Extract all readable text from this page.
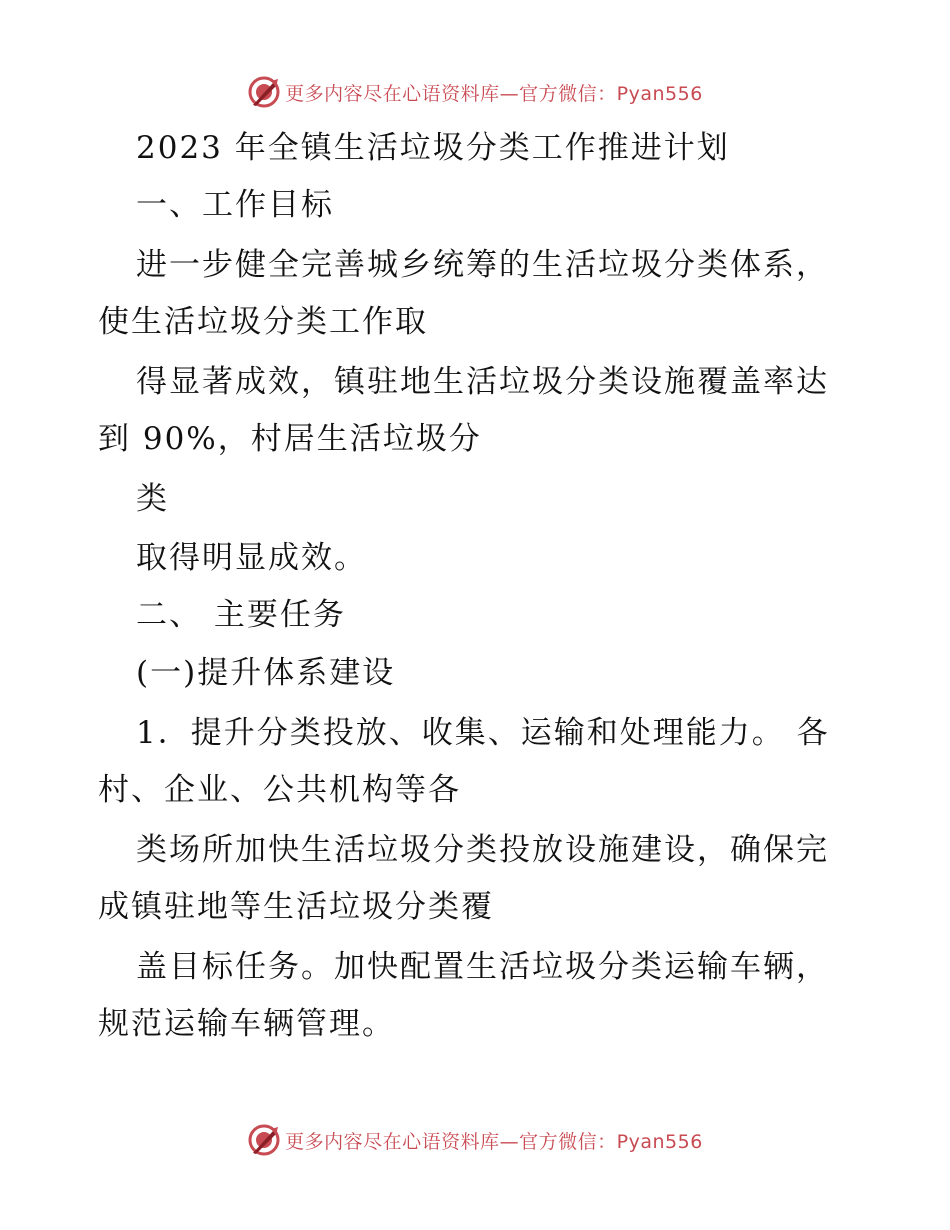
更多内容尽在心语资料库—官方微信：Pyan556
2023 年全镇生活垃圾分类工作推进计划

一、工作目标

进一步健全完善城乡统筹的生活垃圾分类体系，

使生活垃圾分类工作取

得显著成效，镇驻地生活垃圾分类设施覆盖率达

到 90%，村居生活垃圾分

类

取得明显成效。

二、 主要任务

(一)提升体系建设

1．提升分类投放、收集、运输和处理能力。 各

村、企业、公共机构等各

类场所加快生活垃圾分类投放设施建设，确保完

成镇驻地等生活垃圾分类覆

盖目标任务。加快配置生活垃圾分类运输车辆，

规范运输车辆管理。

更多内容尽在心语资料库—官方微信：Pyan556
